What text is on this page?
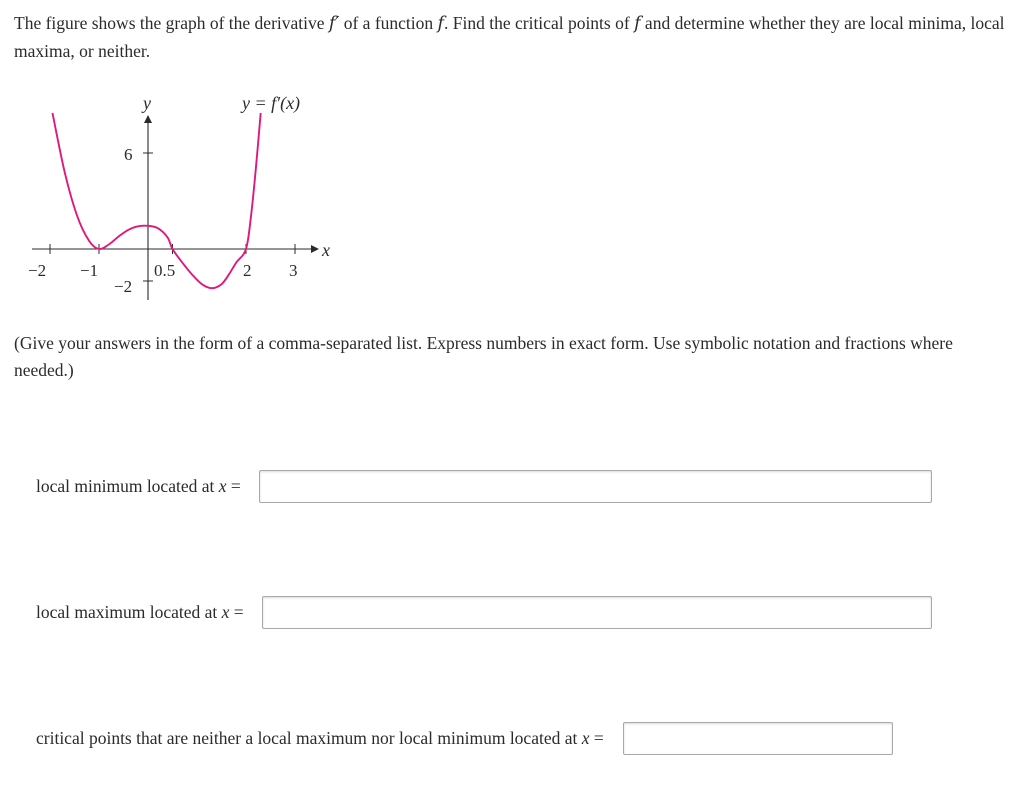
The figure shows the graph of the derivative f′ of a function f. Find the critical points of f and determine whether they are local minima, local maxima, or neither.
y
x
6
−2
−2 −1	0.5	2 3
y = f′(x)
(Give your answers in the form of a comma-separated list. Express numbers in exact form. Use symbolic notation and fractions where needed.)
local minimum located at x =
local maximum located at x =
critical points that are neither a local maximum nor local minimum located at x =
